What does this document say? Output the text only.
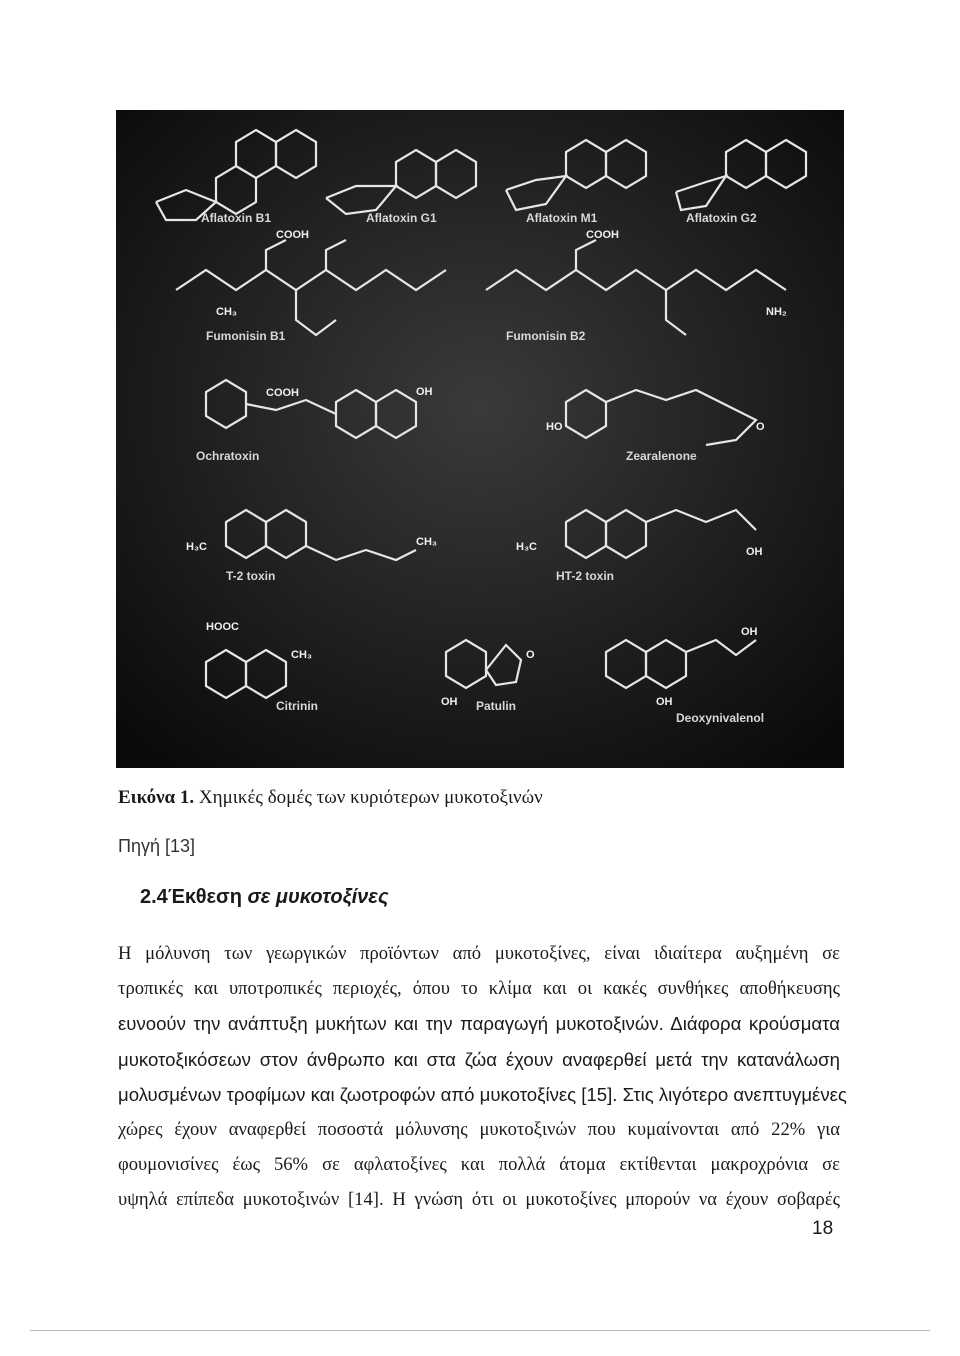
Aflatoxin B1	Aflatoxin G1	Aflatoxin M1	Aflatoxin G2
COOH
CH₃
Fumonisin B1
COOH
NH₂
Fumonisin B2
COOH	OH
Ochratoxin
HO	O
Zearalenone
H₃C	CH₃
T-2 toxin
H₃C	OH
HT-2 toxin
HOOC
CH₃
Citrinin
O
OH Patulin
OH
OH
Deoxynivalenol
Εικόνα 1. Χημικές δομές των κυριότερων μυκοτοξινών
Πηγή [13]
2.4Έκθεση σε μυκοτοξίνες
Η μόλυνση των γεωργικών προϊόντων από μυκοτοξίνες, είναι ιδιαίτερα αυξημένη σε
τροπικές και υποτροπικές περιοχές, όπου το κλίμα και οι κακές συνθήκες αποθήκευσης
ευνοούν την ανάπτυξη μυκήτων και την παραγωγή μυκοτοξινών. Διάφορα κρούσματα
μυκοτοξικόσεων στον άνθρωπο και στα ζώα έχουν αναφερθεί μετά την κατανάλωση
μολυσμένων τροφίμων και ζωοτροφών από μυκοτοξίνες [15]. Στις λιγότερο ανεπτυγμένες
χώρες έχουν αναφερθεί ποσοστά μόλυνσης μυκοτοξινών που κυμαίνονται από 22% για
φουμονισίνες έως 56% σε αφλατοξίνες και πολλά άτομα εκτίθενται μακροχρόνια σε
υψηλά επίπεδα μυκοτοξινών [14]. Η γνώση ότι οι μυκοτοξίνες μπορούν να έχουν σοβαρές
18
